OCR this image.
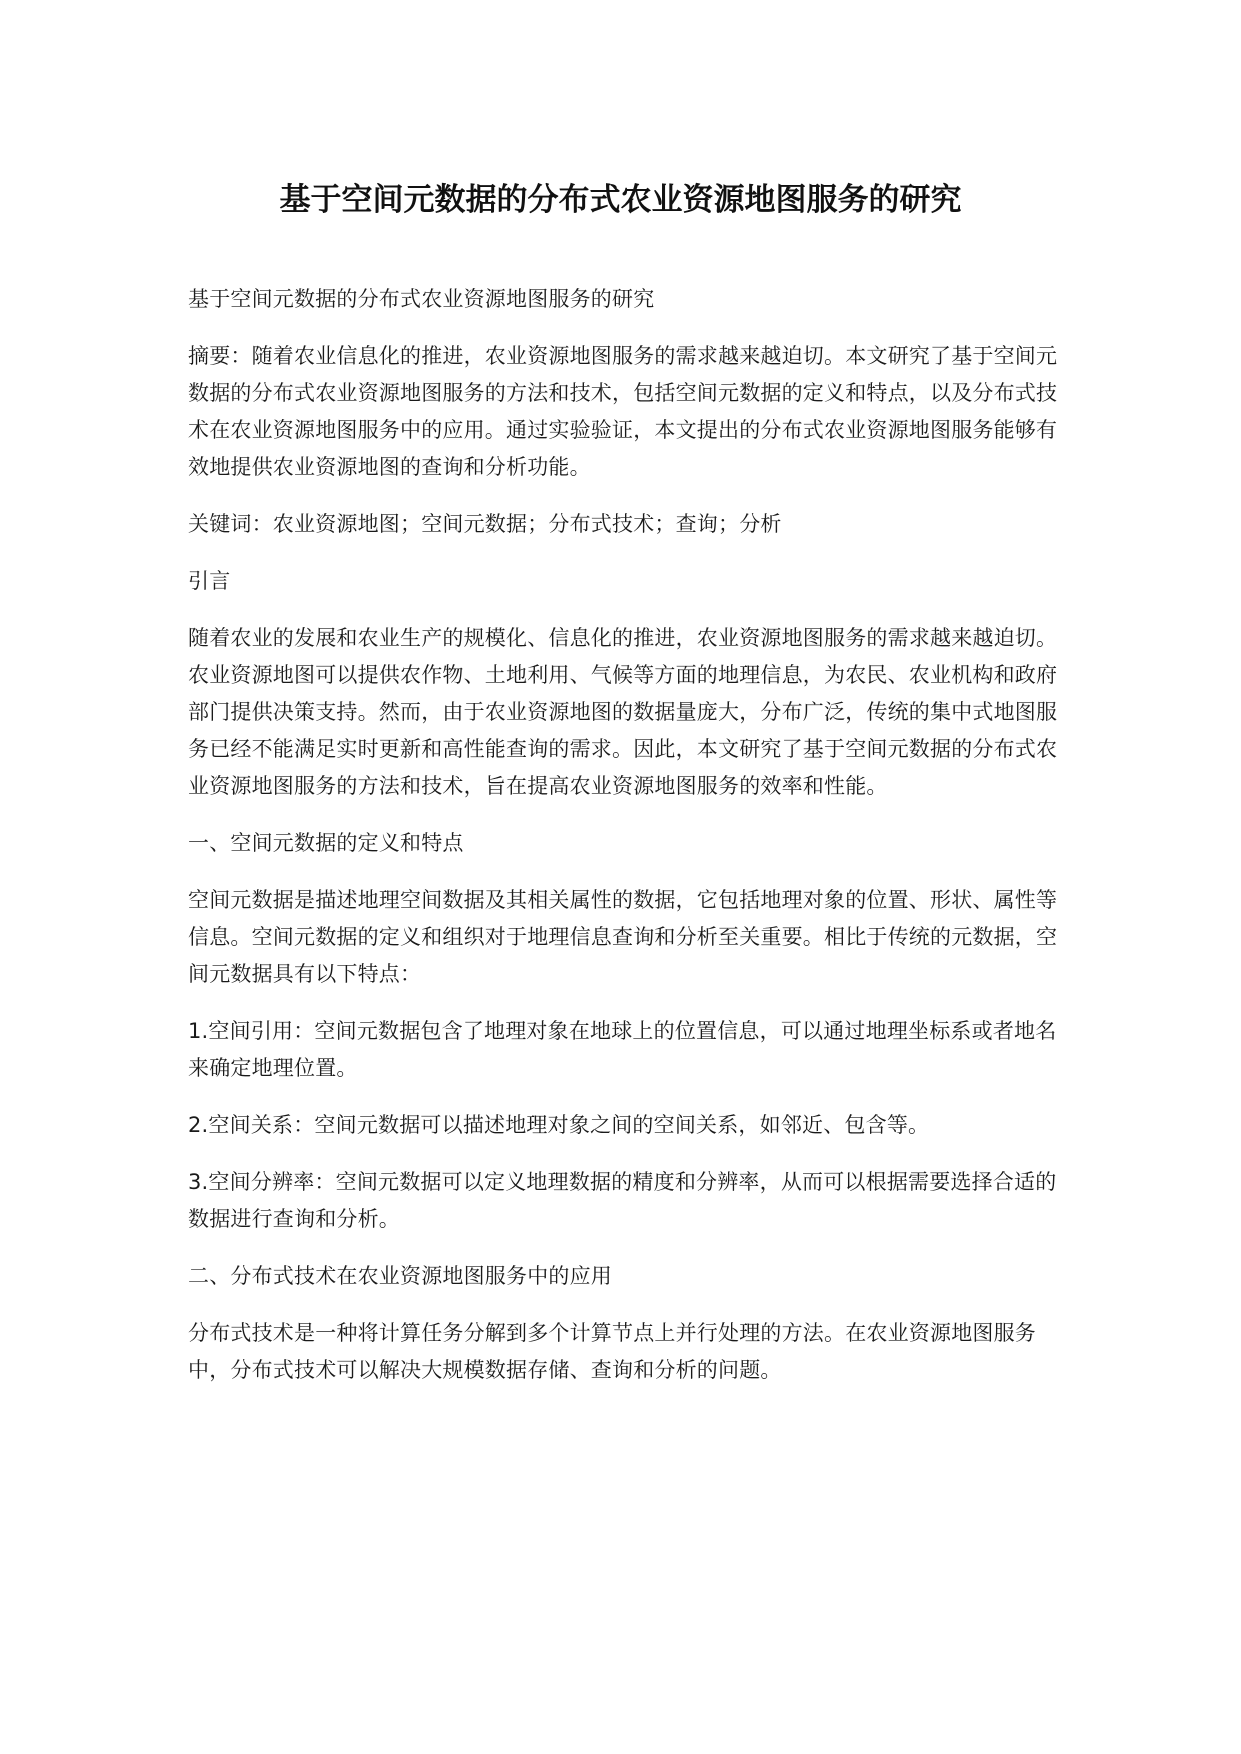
基于空间元数据的分布式农业资源地图服务的研究

基于空间元数据的分布式农业资源地图服务的研究

摘要：随着农业信息化的推进，农业资源地图服务的需求越来越迫切。本文研究了基于空间元数据的分布式农业资源地图服务的方法和技术，包括空间元数据的定义和特点，以及分布式技术在农业资源地图服务中的应用。通过实验验证，本文提出的分布式农业资源地图服务能够有效地提供农业资源地图的查询和分析功能。

关键词：农业资源地图；空间元数据；分布式技术；查询；分析

引言

随着农业的发展和农业生产的规模化、信息化的推进，农业资源地图服务的需求越来越迫切。农业资源地图可以提供农作物、土地利用、气候等方面的地理信息，为农民、农业机构和政府部门提供决策支持。然而，由于农业资源地图的数据量庞大，分布广泛，传统的集中式地图服务已经不能满足实时更新和高性能查询的需求。因此，本文研究了基于空间元数据的分布式农业资源地图服务的方法和技术，旨在提高农业资源地图服务的效率和性能。

一、空间元数据的定义和特点

空间元数据是描述地理空间数据及其相关属性的数据，它包括地理对象的位置、形状、属性等信息。空间元数据的定义和组织对于地理信息查询和分析至关重要。相比于传统的元数据，空间元数据具有以下特点：

1.空间引用：空间元数据包含了地理对象在地球上的位置信息，可以通过地理坐标系或者地名来确定地理位置。

2.空间关系：空间元数据可以描述地理对象之间的空间关系，如邻近、包含等。

3.空间分辨率：空间元数据可以定义地理数据的精度和分辨率，从而可以根据需要选择合适的数据进行查询和分析。

二、分布式技术在农业资源地图服务中的应用

分布式技术是一种将计算任务分解到多个计算节点上并行处理的方法。在农业资源地图服务中，分布式技术可以解决大规模数据存储、查询和分析的问题。
